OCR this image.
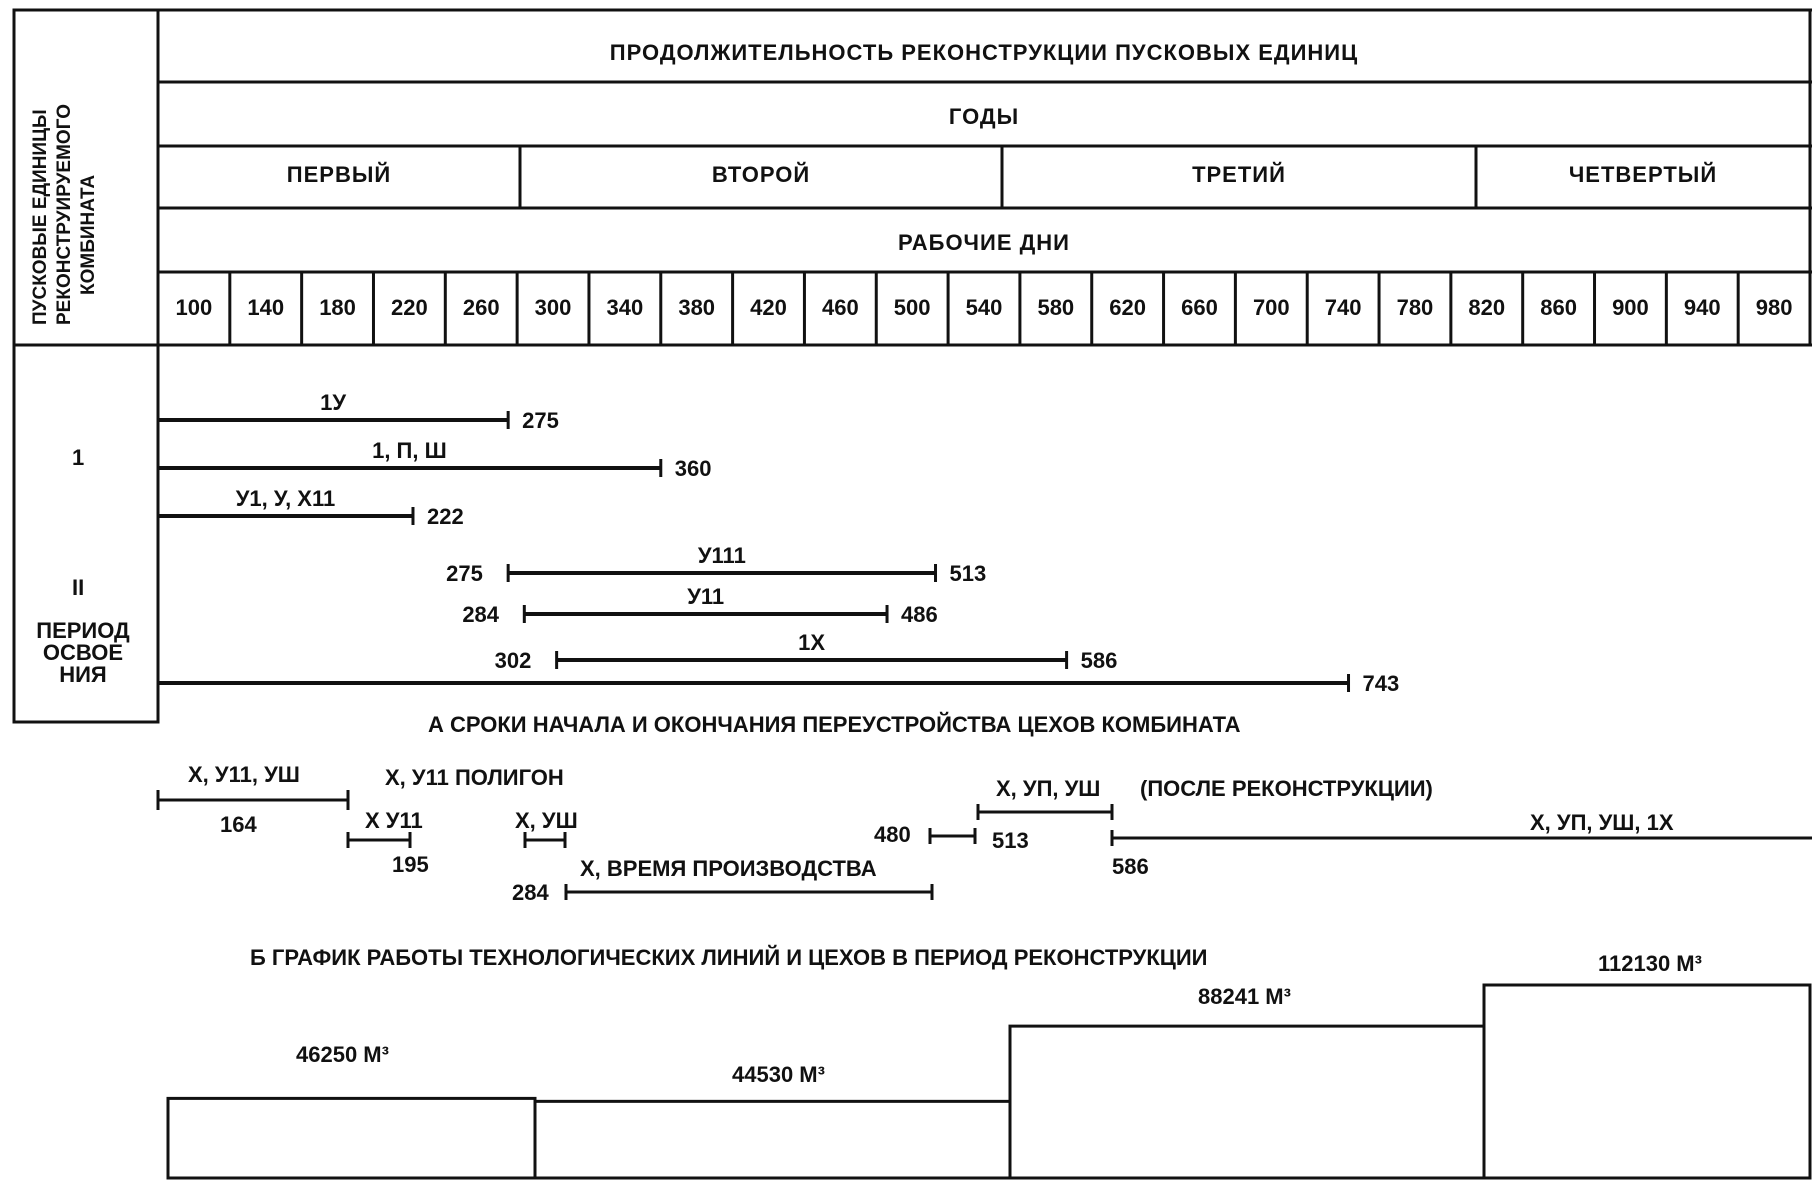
ПУСКОВЫЕ ЕДИНИЦЫ РЕКОНСТРУИРУЕМОГО КОМБИНАТА
ПРОДОЛЖИТЕЛЬНОСТЬ РЕКОНСТРУКЦИИ ПУСКОВЫХ ЕДИНИЦ
ГОДЫ
ПЕРВЫЙ	ВТОРОЙ	ТРЕТИЙ	ЧЕТВЕРТЫЙ
РАБОЧИЕ ДНИ
100	140	180	220	260	300	340	380	420	460	500	540	580	620	660	700	740	780	820	860	900	940	980
1
II
ПЕРИОД
ОСВОЕ
НИЯ
1У
275
1, П, Ш
360
У1, У, Х11
222
У111
513
275
У11
486
284
1Х
586
302
743
А СРОКИ НАЧАЛА И ОКОНЧАНИЯ ПЕРЕУСТРОЙСТВА ЦЕХОВ КОМБИНАТА
Х, У11, УШ
164
Х, У11 ПОЛИГОН
Х У11
195
Х, УШ
Х, ВРЕМЯ ПРОИЗВОДСТВА
284
480	513
Х, УП, УШ (ПОСЛЕ РЕКОНСТРУКЦИИ)
Х, УП, УШ, 1Х
586
Б ГРАФИК РАБОТЫ ТЕХНОЛОГИЧЕСКИХ ЛИНИЙ И ЦЕХОВ В ПЕРИОД РЕКОНСТРУКЦИИ
46250 М³
44530 М³
88241 М³
112130 М³
